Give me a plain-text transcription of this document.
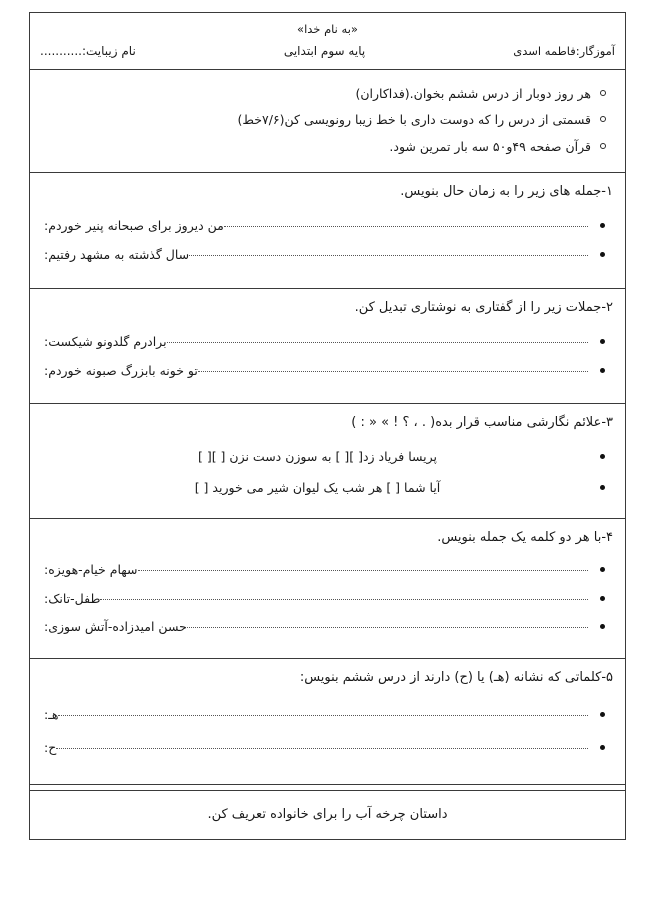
«به نام خدا»
آموزگار:فاطمه اسدی
پایه سوم ابتدایی
نام زیبایت:...........
هر روز دوبار از درس ششم بخوان.(فداکاران)
قسمتی از درس را که دوست داری با خط زیبا رونویسی کن(۷/۶خط)
قرآن صفحه ۴۹و۵۰ سه بار تمرین شود.
۱-جمله های زیر را به زمان حال بنویس.
من دیروز برای صبحانه پنیر خوردم:
سال گذشته به مشهد رفتیم:
۲-جملات زیر را از گفتاری به نوشتاری تبدیل کن.
برادرم گلدونو شیکست:
تو خونه بابزرگ صبونه خوردم:
۳-علائم نگارشی مناسب قرار بده( . ، ؟ ! » « : )
پریسا فریاد زد[ ][ ] به سوزن دست نزن [ ][ ]
آیا شما [ ] هر شب یک لیوان شیر می خورید [ ]
۴-با هر دو کلمه یک جمله بنویس.
سهام خیام-هویزه:
طفل-تانک:
حسن امیدزاده-آتش سوزی:
۵-کلماتی که نشانه (هـ) یا (ح) دارند از درس ششم بنویس:
هـ:
ح:
داستان چرخه آب را برای خانواده تعریف کن.
